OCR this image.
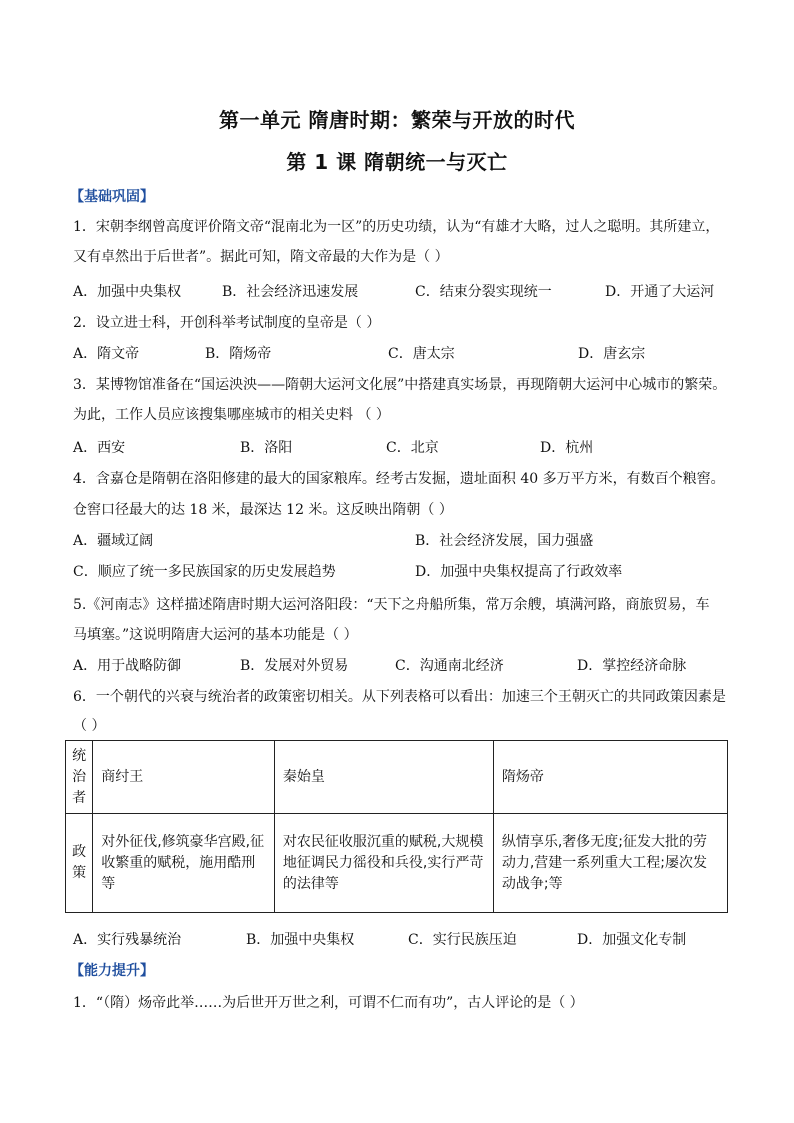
第一单元 隋唐时期：繁荣与开放的时代
第 1 课 隋朝统一与灭亡
【基础巩固】
1．宋朝李纲曾高度评价隋文帝“混南北为一区”的历史功绩，认为“有雄才大略，过人之聪明。其所建立，
又有卓然出于后世者”。据此可知，隋文帝最的大作为是（ ）
A．加强中央集权	B．社会经济迅速发展	C．结束分裂实现统一	D．开通了大运河
2．设立进士科，开创科举考试制度的皇帝是（ ）
A．隋文帝	B．隋炀帝	C．唐太宗	D．唐玄宗
3．某博物馆准备在“国运泱泱——隋朝大运河文化展”中搭建真实场景，再现隋朝大运河中心城市的繁荣。
为此，工作人员应该搜集哪座城市的相关史料 （ ）
A．西安	B．洛阳	C．北京	D．杭州
4．含嘉仓是隋朝在洛阳修建的最大的国家粮库。经考古发掘，遗址面积 40 多万平方米，有数百个粮窖。
仓窖口径最大的达 18 米，最深达 12 米。这反映出隋朝（ ）
A．疆域辽阔	B．社会经济发展，国力强盛
C．顺应了统一多民族国家的历史发展趋势	D．加强中央集权提高了行政效率
5.《河南志》这样描述隋唐时期大运河洛阳段：“天下之舟船所集，常万余艘，填满河路，商旅贸易，车
马填塞。”这说明隋唐大运河的基本功能是（ ）
A．用于战略防御	B．发展对外贸易	C．沟通南北经济	D．掌控经济命脉
6．一个朝代的兴衰与统治者的政策密切相关。从下列表格可以看出：加速三个王朝灭亡的共同政策因素是
（ ）
统
治
者	商纣王	秦始皇	隋炀帝
政
策	对外征伐,修筑豪华宫殿,征收繁重的赋税，施用酷刑等	对农民征收服沉重的赋税,大规模地征调民力徭役和兵役,实行严苛的法律等	纵情享乐,奢侈无度;征发大批的劳动力,营建一系列重大工程;屡次发动战争;等
A．实行残暴统治	B．加强中央集权	C．实行民族压迫	D．加强文化专制
【能力提升】
1．“（隋）炀帝此举……为后世开万世之利，可谓不仁而有功”，古人评论的是（ ）
